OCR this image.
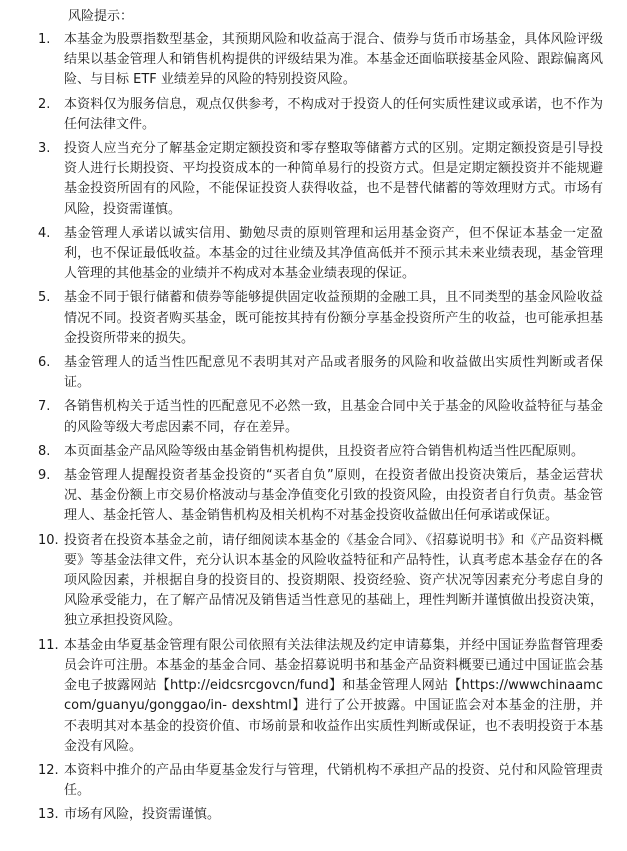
风险提示：
1. 本基金为股票指数型基金，其预期风险和收益高于混合、债券与货币市场基金，具体风险评级结果以基金管理人和销售机构提供的评级结果为准。本基金还面临联接基金风险、跟踪偏离风险、与目标 ETF 业绩差异的风险的特别投资风险。
2. 本资料仅为服务信息，观点仅供参考，不构成对于投资人的任何实质性建议或承诺，也不作为任何法律文件。
3. 投资人应当充分了解基金定期定额投资和零存整取等储蓄方式的区别。定期定额投资是引导投资人进行长期投资、平均投资成本的一种简单易行的投资方式。但是定期定额投资并不能规避基金投资所固有的风险，不能保证投资人获得收益，也不是替代储蓄的等效理财方式。市场有风险，投资需谨慎。
4. 基金管理人承诺以诚实信用、勤勉尽责的原则管理和运用基金资产，但不保证本基金一定盈利，也不保证最低收益。本基金的过往业绩及其净值高低并不预示其未来业绩表现，基金管理人管理的其他基金的业绩并不构成对本基金业绩表现的保证。
5. 基金不同于银行储蓄和债券等能够提供固定收益预期的金融工具，且不同类型的基金风险收益情况不同。投资者购买基金，既可能按其持有份额分享基金投资所产生的收益，也可能承担基金投资所带来的损失。
6. 基金管理人的适当性匹配意见不表明其对产品或者服务的风险和收益做出实质性判断或者保证。
7. 各销售机构关于适当性的匹配意见不必然一致，且基金合同中关于基金的风险收益特征与基金的风险等级大考虑因素不同，存在差异。
8. 本页面基金产品风险等级由基金销售机构提供，且投资者应符合销售机构适当性匹配原则。
9. 基金管理人提醒投资者基金投资的“买者自负”原则，在投资者做出投资决策后，基金运营状况、基金份额上市交易价格波动与基金净值变化引致的投资风险，由投资者自行负责。基金管理人、基金托管人、基金销售机构及相关机构不对基金投资收益做出任何承诺或保证。
10. 投资者在投资本基金之前，请仔细阅读本基金的《基金合同》、《招募说明书》和《产品资料概要》等基金法律文件，充分认识本基金的风险收益特征和产品特性，认真考虑本基金存在的各项风险因素，并根据自身的投资目的、投资期限、投资经验、资产状况等因素充分考虑自身的风险承受能力，在了解产品情况及销售适当性意见的基础上，理性判断并谨慎做出投资决策，独立承担投资风险。
11. 本基金由华夏基金管理有限公司依照有关法律法规及约定申请募集，并经中国证券监督管理委员会许可注册。本基金的基金合同、基金招募说明书和基金产品资料概要已通过中国证监会基金电子披露网站【http://eidcsrcgovcn/fund】和基金管理人网站【https://wwwchinaamccom/guanyu/gonggao/in- dexshtml】进行了公开披露。中国证监会对本基金的注册，并不表明其对本基金的投资价值、市场前景和收益作出实质性判断或保证，也不表明投资于本基金没有风险。
12. 本资料中推介的产品由华夏基金发行与管理，代销机构不承担产品的投资、兑付和风险管理责任。
13. 市场有风险，投资需谨慎。
